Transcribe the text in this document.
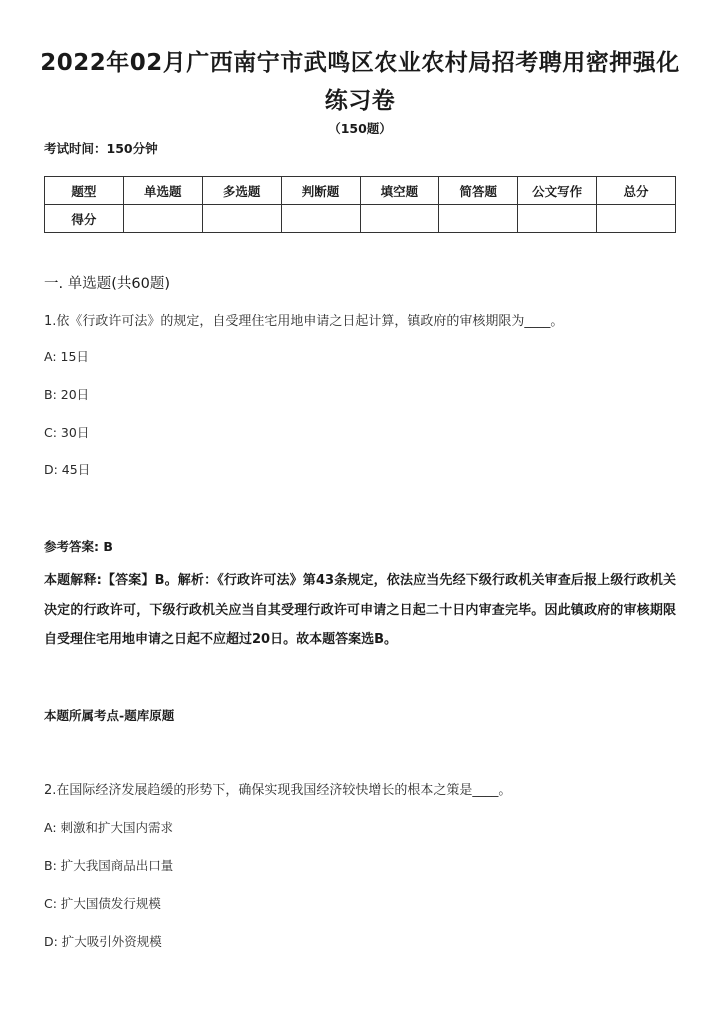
2022年02月广西南宁市武鸣区农业农村局招考聘用密押强化练习卷
（150题）
考试时间：150分钟
题型	单选题	多选题	判断题	填空题	简答题	公文写作	总分
得分							
一. 单选题(共60题)
1.依《行政许可法》的规定，自受理住宅用地申请之日起计算，镇政府的审核期限为____。
A: 15日
B: 20日
C: 30日
D: 45日
参考答案: B
本题解释:【答案】B。解析：《行政许可法》第43条规定，依法应当先经下级行政机关审查后报上级行政机关决定的行政许可，下级行政机关应当自其受理行政许可申请之日起二十日内审查完毕。因此镇政府的审核期限自受理住宅用地申请之日起不应超过20日。故本题答案选B。
本题所属考点-题库原题
2.在国际经济发展趋缓的形势下，确保实现我国经济较快增长的根本之策是____。
A: 刺激和扩大国内需求
B: 扩大我国商品出口量
C: 扩大国债发行规模
D: 扩大吸引外资规模
